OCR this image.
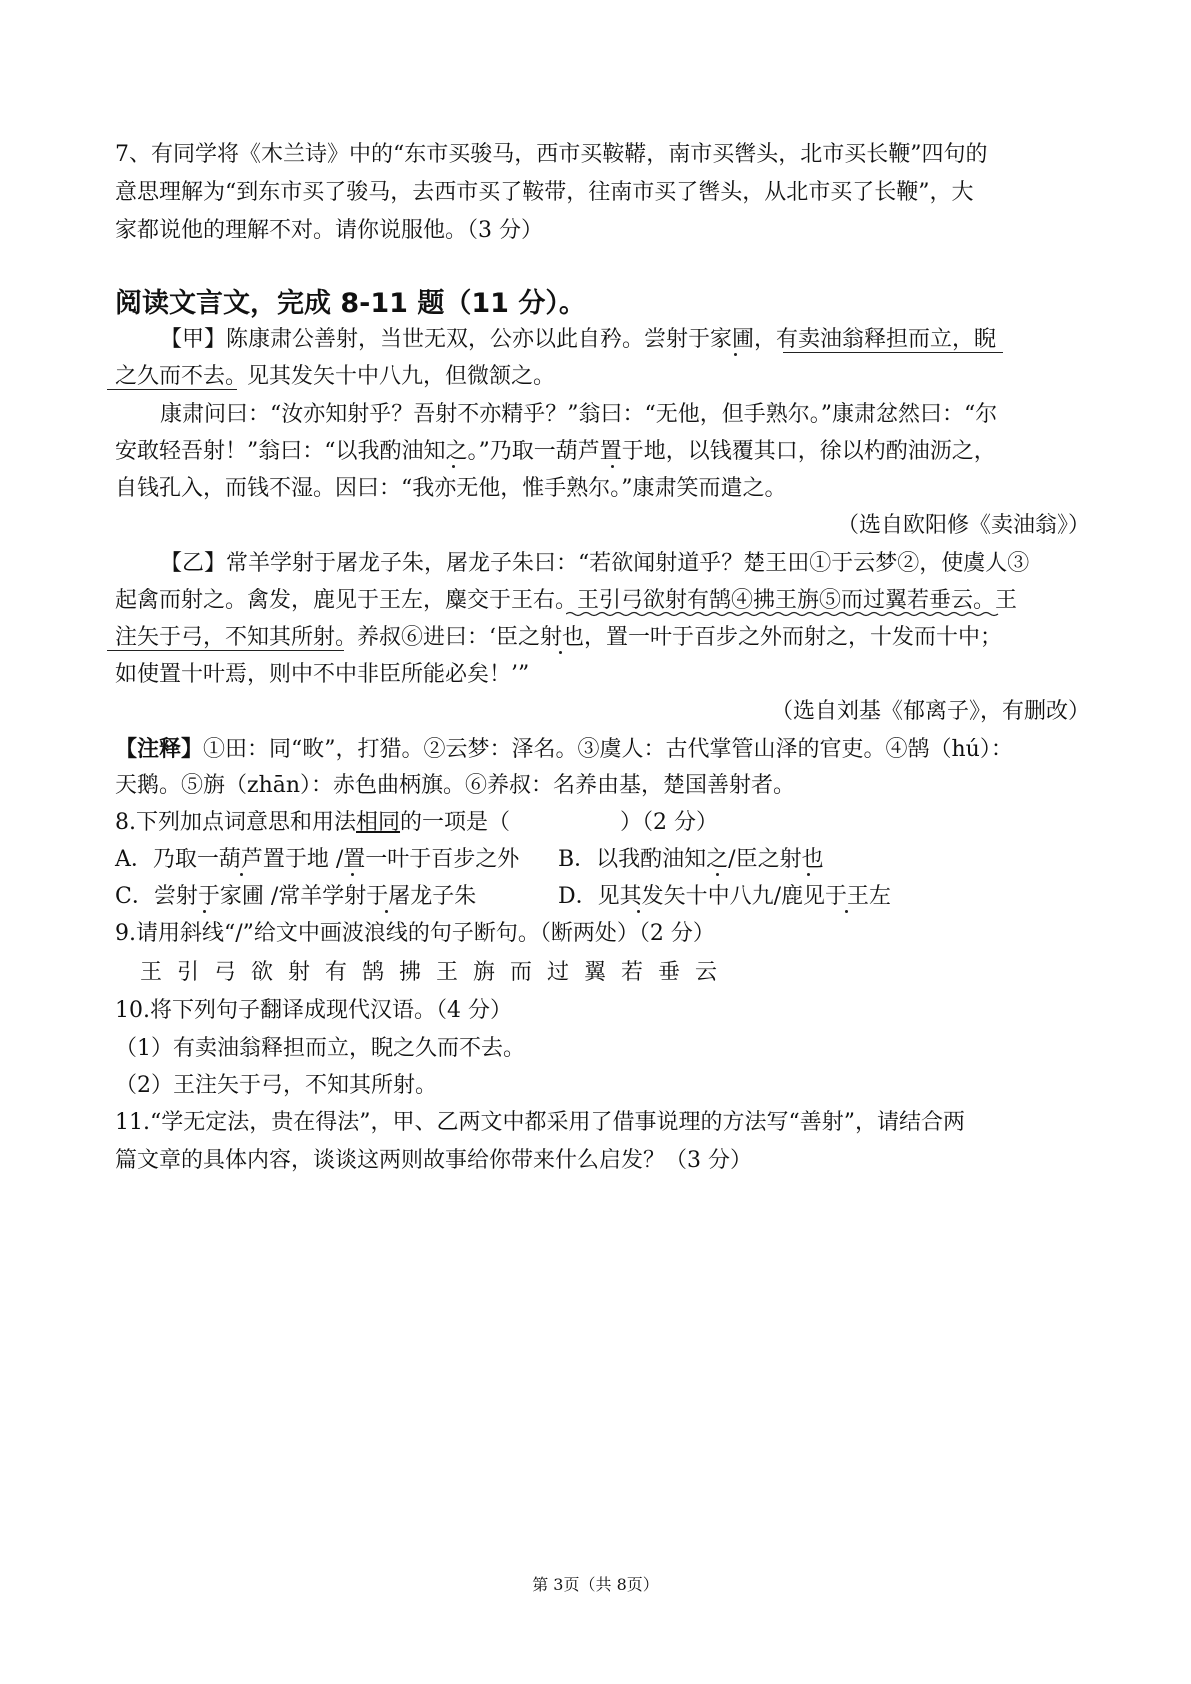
7、有同学将《木兰诗》中的“东市买骏马，西市买鞍鞯，南市买辔头，北市买长鞭”四句的
意思理解为“到东市买了骏马，去西市买了鞍带，往南市买了辔头，从北市买了长鞭”，大
家都说他的理解不对。请你说服他。（3 分）
阅读文言文，完成 8-11 题（11 分）。
【甲】陈康肃公善射，当世无双，公亦以此自矜。尝射于家圃，有卖油翁释担而立，睨
之久而不去。见其发矢十中八九，但微颔之。
康肃问曰：“汝亦知射乎？吾射不亦精乎？”翁曰：“无他，但手熟尔。”康肃忿然曰：“尔
安敢轻吾射！”翁曰：“以我酌油知之。”乃取一葫芦置于地，以钱覆其口，徐以杓酌油沥之，
自钱孔入，而钱不湿。因曰：“我亦无他，惟手熟尔。”康肃笑而遣之。
（选自欧阳修《卖油翁》）
【乙】常羊学射于屠龙子朱，屠龙子朱曰：“若欲闻射道乎？楚王田①于云梦②，使虞人③
起禽而射之。禽发，鹿见于王左，麋交于王右。王引弓欲射有鹄④拂王旃⑤而过翼若垂云。王
注矢于弓，不知其所射。养叔⑥进曰：‘臣之射也，置一叶于百步之外而射之，十发而十中；
如使置十叶焉，则中不中非臣所能必矣！’”
（选自刘基《郁离子》，有删改）
【注释】①田：同“畋”，打猎。②云梦：泽名。③虞人：古代掌管山泽的官吏。④鹄（hú）：
天鹅。⑤旃（zhān）：赤色曲柄旗。⑥养叔：名养由基，楚国善射者。
8.下列加点词意思和用法相同的一项是（　　　　　）（2 分）
A．乃取一葫芦置于地 /置一叶于百步之外	B．以我酌油知之/臣之射也
C．尝射于家圃 /常羊学射于屠龙子朱	D．见其发矢十中八九/鹿见于王左
9.请用斜线“/”给文中画波浪线的句子断句。（断两处）（2 分）
王引弓欲射有鹄拂王旃而过翼若垂云
10.将下列句子翻译成现代汉语。（4 分）
（1）有卖油翁释担而立，睨之久而不去。
（2）王注矢于弓，不知其所射。
11.“学无定法，贵在得法”，甲、乙两文中都采用了借事说理的方法写“善射”，请结合两
篇文章的具体内容，谈谈这两则故事给你带来什么启发？（3 分）
第 3页（共 8页）
